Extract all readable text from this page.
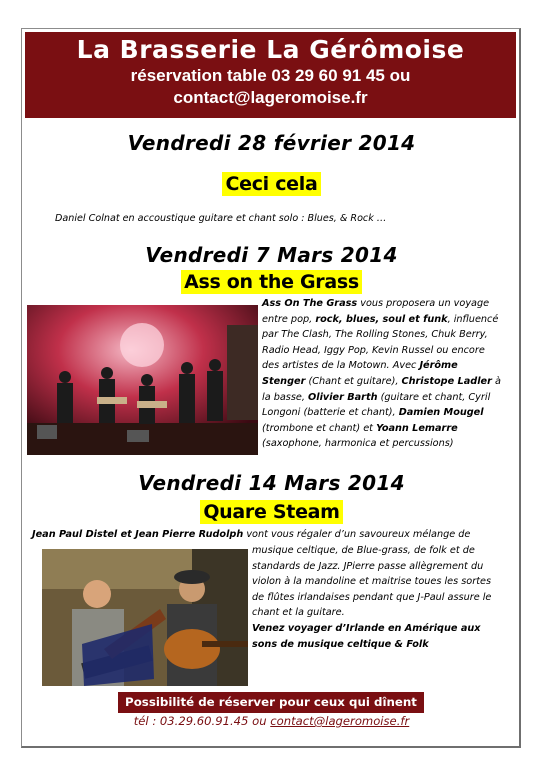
La Brasserie La Gérômoise
réservation table 03 29 60 91 45 ou
contact@lageromoise.fr
Vendredi 28 février 2014
Ceci cela
Daniel Colnat en accoustique guitare et chant solo : Blues, & Rock …
Vendredi 7 Mars 2014
Ass on the Grass
Ass On The Grass vous proposera un voyage
entre pop, rock, blues, soul et funk, influencé
par The Clash, The Rolling Stones, Chuk Berry,
Radio Head, Iggy Pop, Kevin Russel ou encore
des artistes de la Motown. Avec Jérôme
Stenger (Chant et guitare), Christope Ladler à
la basse, Olivier Barth (guitare et chant, Cyril
Longoni (batterie et chant), Damien Mougel
(trombone et chant) et Yoann Lemarre
(saxophone, harmonica et percussions)
Vendredi 14 Mars 2014
Quare Steam
Jean Paul Distel et Jean Pierre Rudolph vont vous régaler d’un savoureux mélange de
musique celtique, de Blue-grass, de folk et de
standards de Jazz. JPierre passe allègrement du
violon à la mandoline et maitrise toues les sortes
de flûtes irlandaises pendant que J-Paul assure le
chant et la guitare.
Venez voyager d’Irlande en Amérique aux
sons de musique celtique & Folk
Possibilité de réserver pour ceux qui dînent
tél : 03.29.60.91.45 ou contact@lageromoise.fr
